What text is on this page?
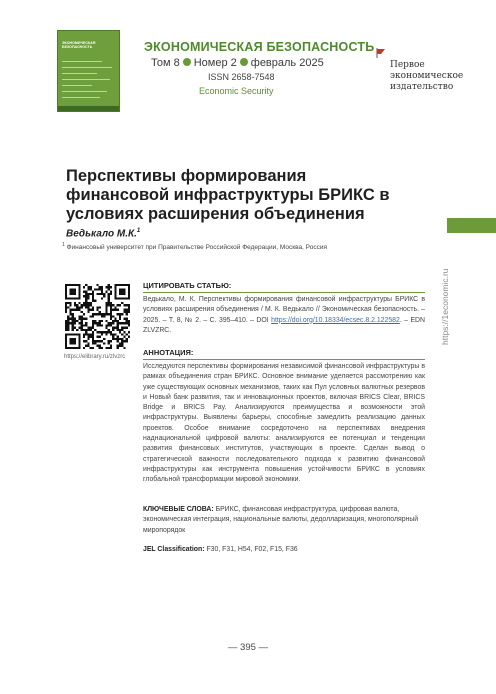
ЭКОНОМИЧЕСКАЯ БЕЗОПАСНОСТЬ	ЭКОНОМИЧЕСКАЯ БЕЗОПАСНОСТЬ
Том 8 Номер 2 февраль 2025
ISSN 2658-7548
Economic Security
Первое
экономическое
издательство
Перспективы формирования финансовой инфраструктуры БРИКС в условиях расширения объединения
Ведькало М.К.$^1$
$^1$ Финансовый университет при Правительстве Российской Федерации, Москва, Россия
https://1economic.ru
https://elibrary.ru/zlvzrc
ЦИТИРОВАТЬ СТАТЬЮ:
Ведькало, М. К. Перспективы формирования финансовой инфраструктуры БРИКС в условиях расширения объединения / М. К. Ведькало // Экономическая безопасность. – 2025. – Т. 8, № 2. – С. 395–410. – DOI https://doi.org/10.18334/ecsec.8.2.122582. – EDN ZLVZRC.
АННОТАЦИЯ:
Исследуются перспективы формирования независимой финансовой инфраструктуры в рамках объединения стран БРИКС. Основное внимание уделяется рассмотрению как уже существующих основных механизмов, таких как Пул условных валютных резервов и Новый банк развития, так и инновационных проектов, включая BRICS Clear, BRICS Bridge и BRICS Pay. Анализируются преимущества и возможности этой инфраструктуры. Выявлены барьеры, способные замедлить реализацию данных проектов. Особое внимание сосредоточено на перспективах внедрения наднациональной цифровой валюты: анализируются ее потенциал и тенденции развития финансовых институтов, участвующих в проекте. Сделан вывод о стратегической важности последовательного подхода к развитию финансовой инфраструктуры как инструмента повышения устойчивости БРИКС в условиях глобальной трансформации мировой экономики.
КЛЮЧЕВЫЕ СЛОВА: БРИКС, финансовая инфраструктура, цифровая валюта, экономическая интеграция, национальные валюты, дедолларизация, многополярный миропорядок
JEL Classification: F30, F31, H54, F02, F15, F36
— 395 —
